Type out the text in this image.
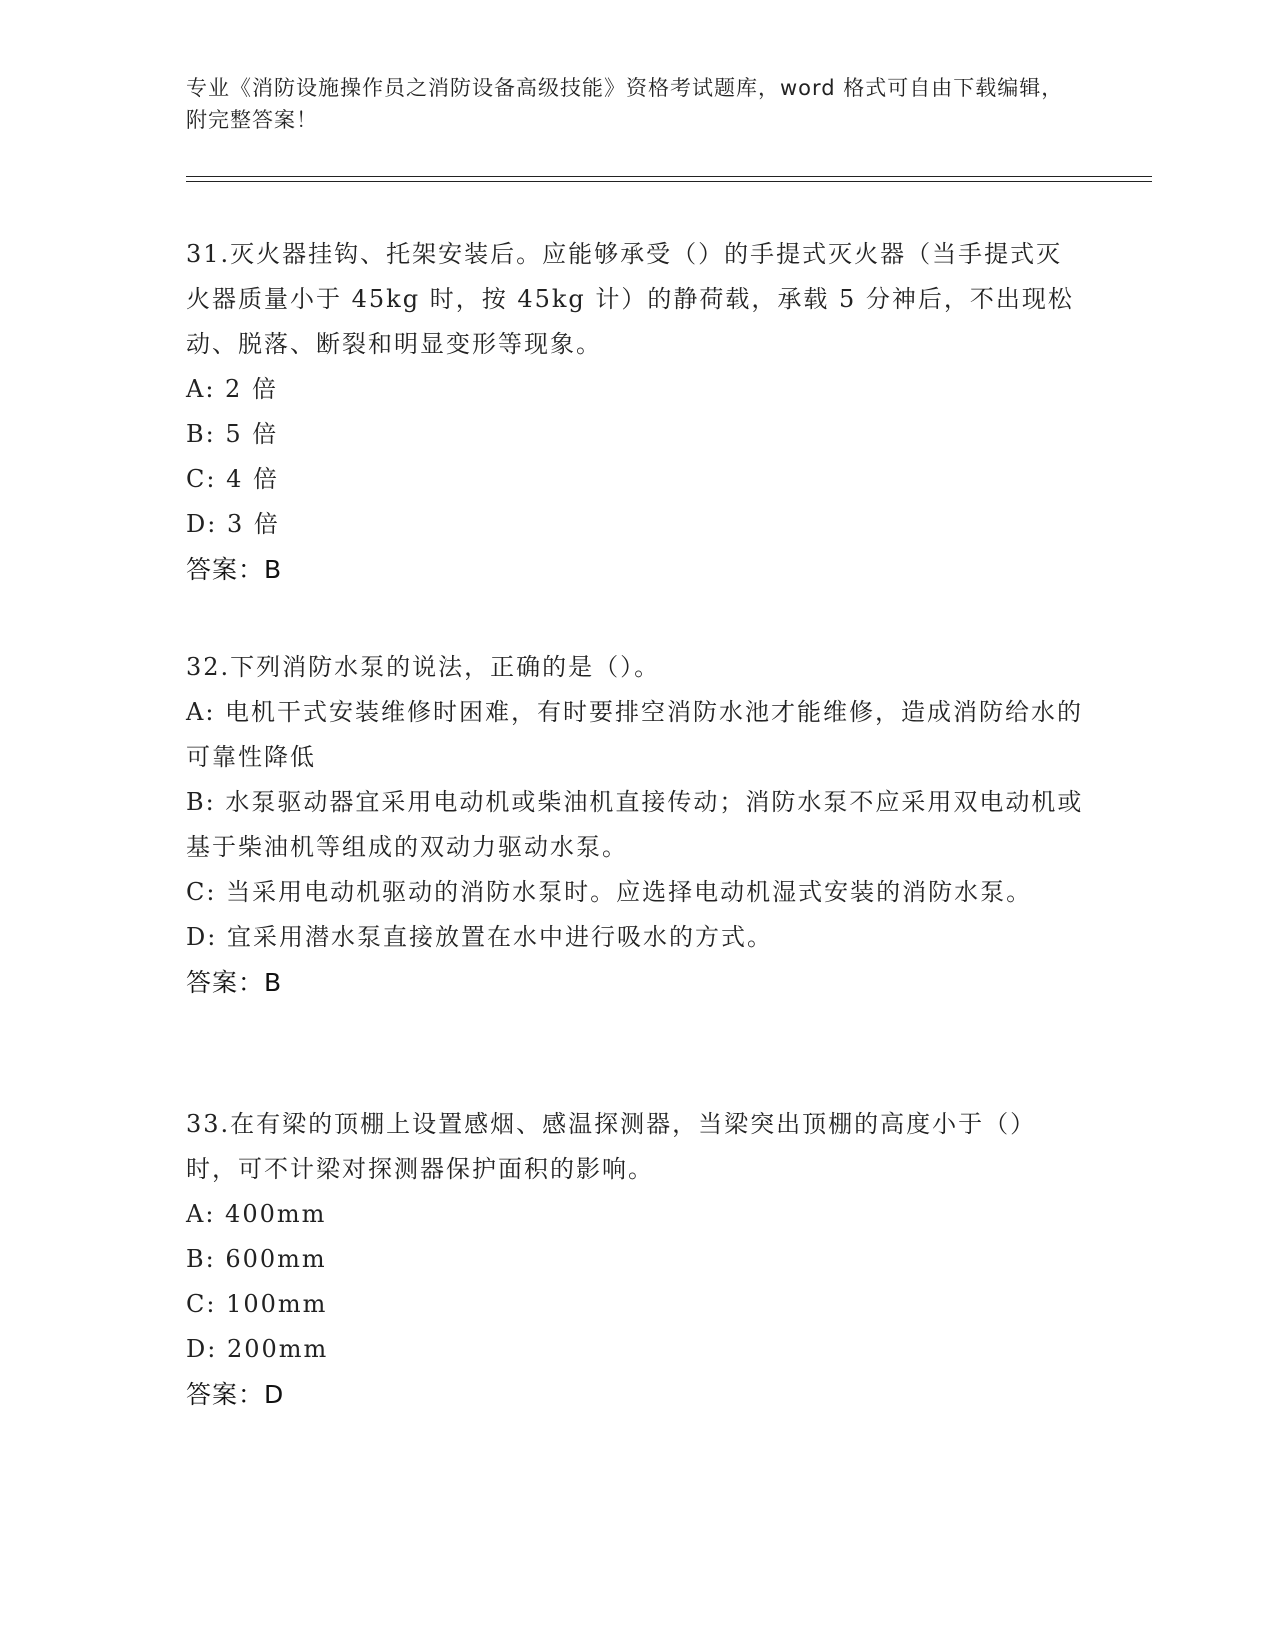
专业《消防设施操作员之消防设备高级技能》资格考试题库，word 格式可自由下载编辑，附完整答案！
31.灭火器挂钩、托架安装后。应能够承受（）的手提式灭火器（当手提式灭火器质量小于 45kg 时，按 45kg 计）的静荷载，承载 5 分神后，不出现松动、脱落、断裂和明显变形等现象。
A: 2 倍
B: 5 倍
C: 4 倍
D: 3 倍
答案：B
32.下列消防水泵的说法，正确的是（）。
A: 电机干式安装维修时困难，有时要排空消防水池才能维修，造成消防给水的可靠性降低
B: 水泵驱动器宜采用电动机或柴油机直接传动；消防水泵不应采用双电动机或基于柴油机等组成的双动力驱动水泵。
C: 当采用电动机驱动的消防水泵时。应选择电动机湿式安装的消防水泵。
D: 宜采用潜水泵直接放置在水中进行吸水的方式。
答案：B
33.在有梁的顶棚上设置感烟、感温探测器，当梁突出顶棚的高度小于（）时，可不计梁对探测器保护面积的影响。
A: 400mm
B: 600mm
C: 100mm
D: 200mm
答案：D
